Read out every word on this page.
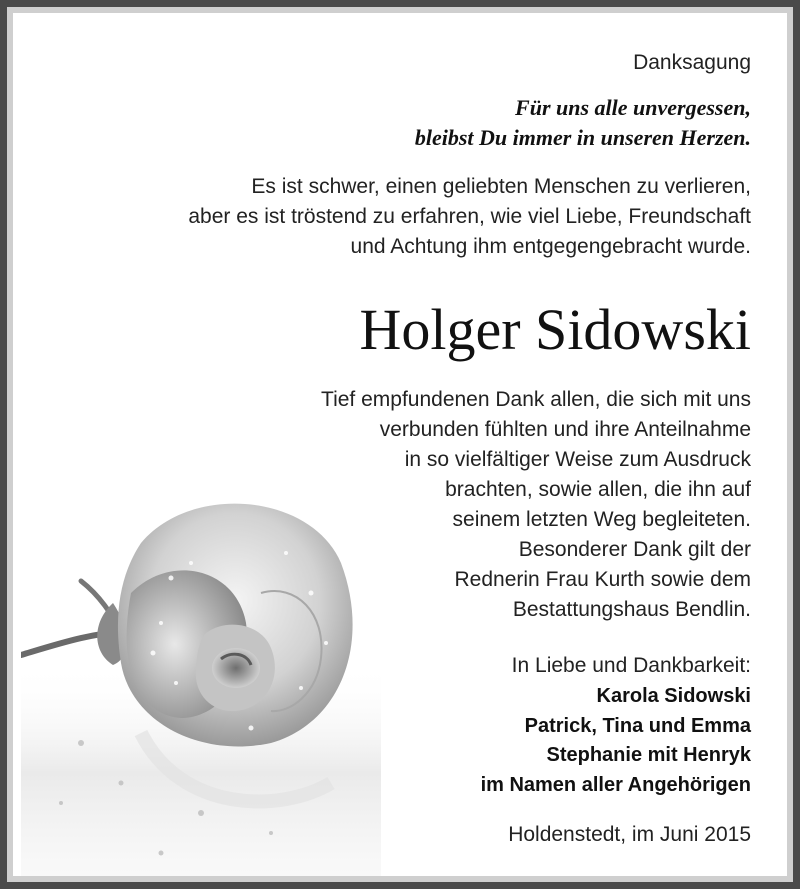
Danksagung
Für uns alle unvergessen,
bleibst Du immer in unseren Herzen.
Es ist schwer, einen geliebten Menschen zu verlieren,
aber es ist tröstend zu erfahren, wie viel Liebe, Freundschaft
und Achtung ihm entgegengebracht wurde.
Holger Sidowski
Tief empfundenen Dank allen, die sich mit uns
verbunden fühlten und ihre Anteilnahme
in so vielfältiger Weise zum Ausdruck
brachten, sowie allen, die ihn auf
seinem letzten Weg begleiteten.
Besonderer Dank gilt der
Rednerin Frau Kurth sowie dem
Bestattungshaus Bendlin.
In Liebe und Dankbarkeit:
Karola Sidowski
Patrick, Tina und Emma
Stephanie mit Henryk
im Namen aller Angehörigen
Holdenstedt, im Juni 2015
